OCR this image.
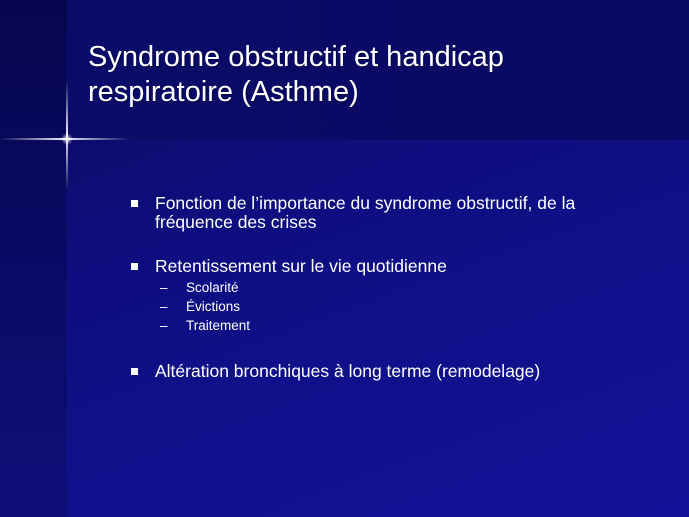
Syndrome obstructif et handicap
respiratoire (Asthme)
Fonction de l’importance du syndrome obstructif, de la
fréquence des crises
Retentissement sur le vie quotidienne
– Scolarité
– Évictions
– Traitement
Altération bronchiques à long terme (remodelage)
